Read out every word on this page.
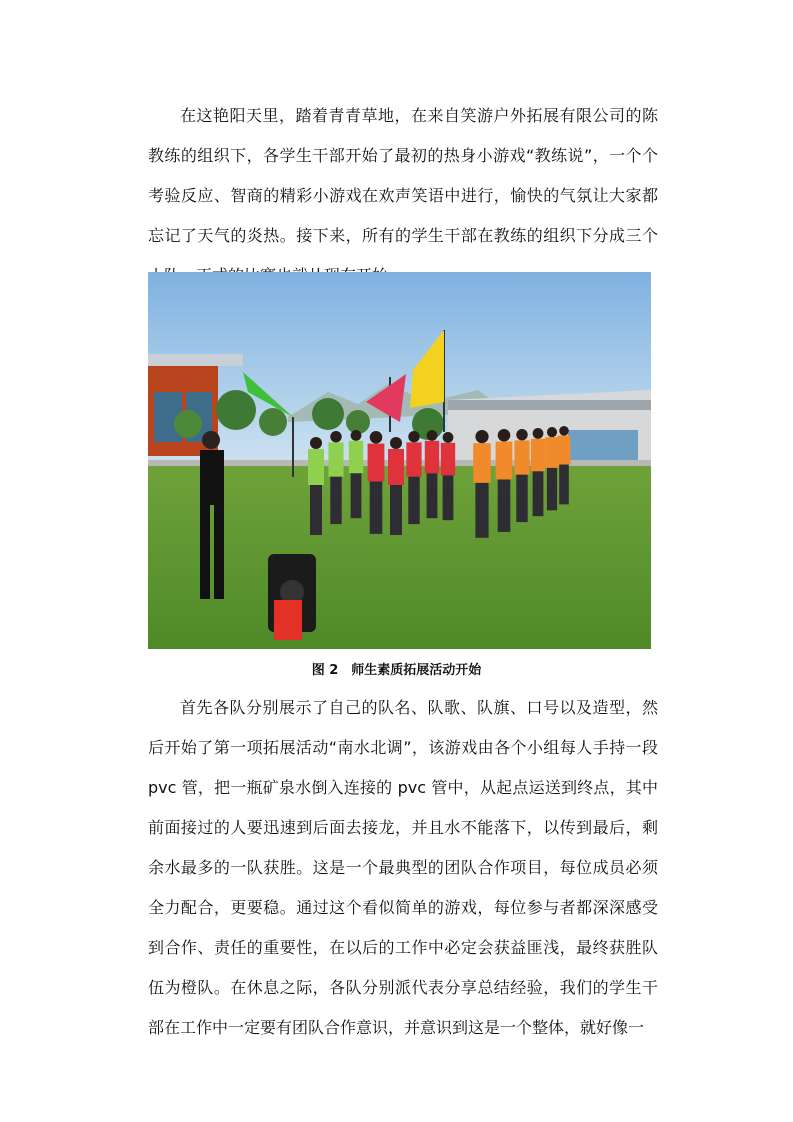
在这艳阳天里，踏着青青草地，在来自笑游户外拓展有限公司的陈教练的组织下，各学生干部开始了最初的热身小游戏“教练说”，一个个考验反应、智商的精彩小游戏在欢声笑语中进行，愉快的气氛让大家都忘记了天气的炎热。接下来，所有的学生干部在教练的组织下分成三个

图 2　师生素质拓展活动开始

首先各队分别展示了自己的队名、队歌、队旗、口号以及造型，然后开始了第一项拓展活动“南水北调”，该游戏由各个小组每人手持一段 pvc 管，把一瓶矿泉水倒入连接的 pvc 管中，从起点运送到终点，其中前面接过的人要迅速到后面去接龙，并且水不能落下，以传到最后，剩余水最多的一队获胜。这是一个最典型的团队合作项目，每位成员必须全力配合，更要稳。通过这个看似简单的游戏，每位参与者都深深感受到合作、责任的重要性，在以后的工作中必定会获益匪浅，最终获胜队伍为橙队。在休息之际，各队分别派代表分享总结经验，我们的学生干部在工作中一定要有团队合作意识，并意识到这是一个整体，就好像一
